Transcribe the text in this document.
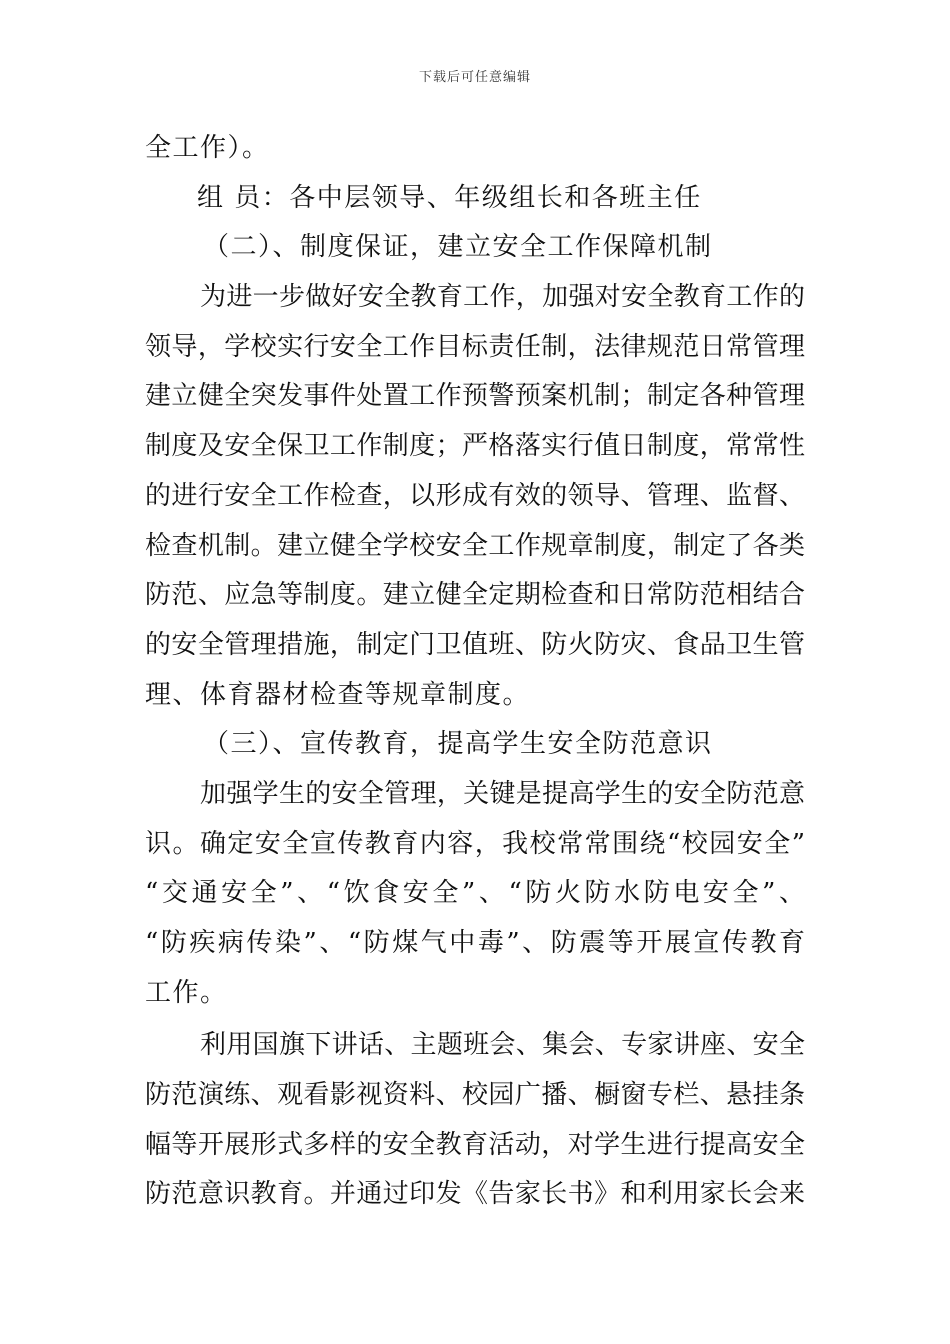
下载后可任意编辑
全工作）。
组 员：各中层领导、年级组长和各班主任
（二）、制度保证，建立安全工作保障机制
为进一步做好安全教育工作，加强对安全教育工作的
领导，学校实行安全工作目标责任制，法律规范日常管理
建立健全突发事件处置工作预警预案机制；制定各种管理
制度及安全保卫工作制度；严格落实行值日制度，常常性
的进行安全工作检查，以形成有效的领导、管理、监督、
检查机制。建立健全学校安全工作规章制度，制定了各类
防范、应急等制度。建立健全定期检查和日常防范相结合
的安全管理措施，制定门卫值班、防火防灾、食品卫生管
理、体育器材检查等规章制度。
（三）、宣传教育，提高学生安全防范意识
加强学生的安全管理，关键是提高学生的安全防范意
识。确定安全宣传教育内容，我校常常围绕“校园安全”
“交通安全”、“饮食安全”、“防火防水防电安全”、
“防疾病传染”、“防煤气中毒”、防震等开展宣传教育
工作。
利用国旗下讲话、主题班会、集会、专家讲座、安全
防范演练、观看影视资料、校园广播、橱窗专栏、悬挂条
幅等开展形式多样的安全教育活动，对学生进行提高安全
防范意识教育。并通过印发《告家长书》和利用家长会来
